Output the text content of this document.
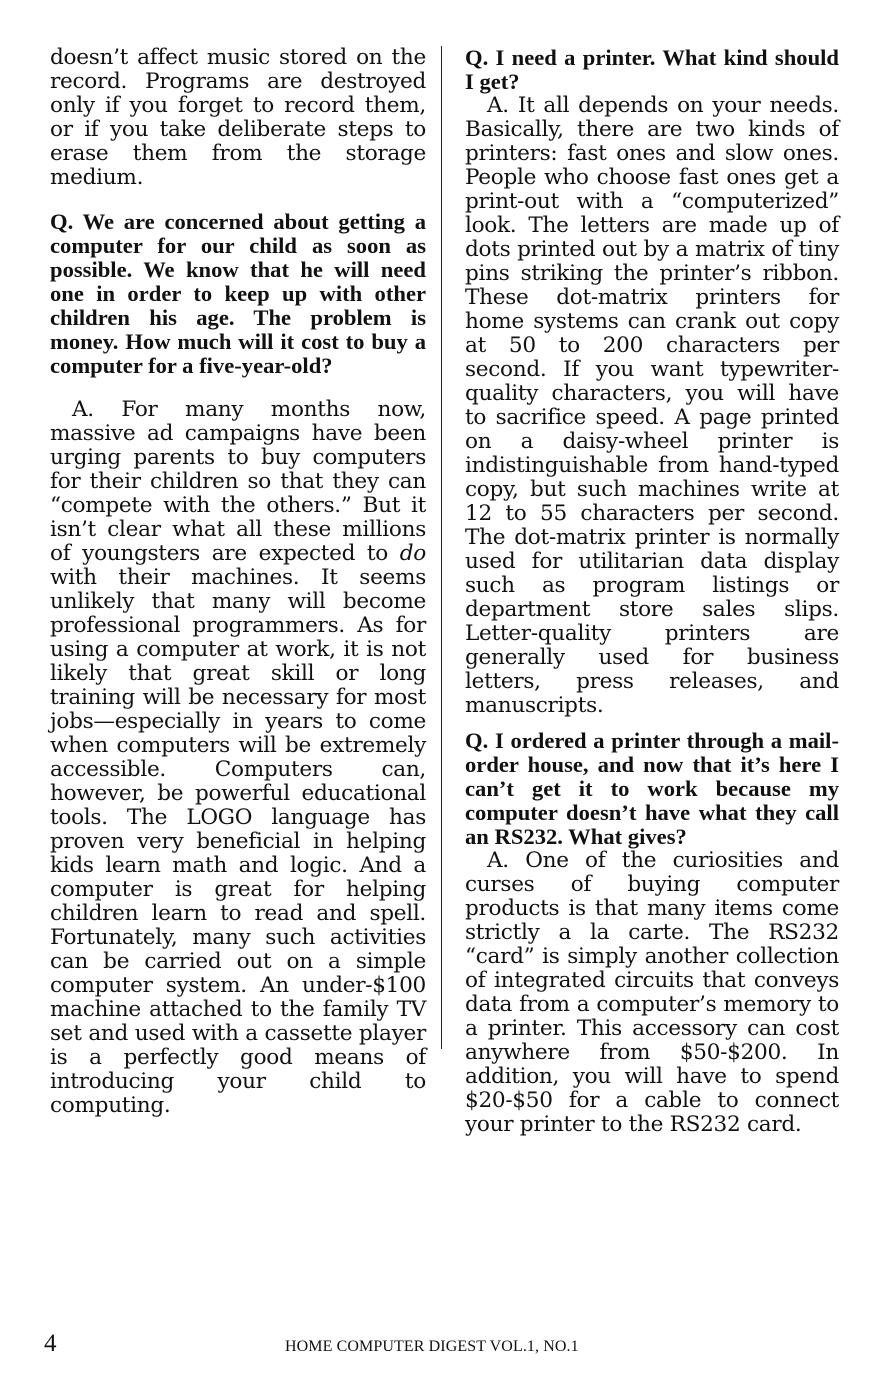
doesn’t affect music stored on the record. Programs are destroyed only if you forget to record them, or if you take deliberate steps to erase them from the storage medium.

Q. We are concerned about getting a computer for our child as soon as possible. We know that he will need one in order to keep up with other children his age. The problem is money. How much will it cost to buy a computer for a five-year-old?

A. For many months now, massive ad campaigns have been urging parents to buy computers for their children so that they can “compete with the others.” But it isn’t clear what all these millions of youngsters are expected to do with their machines. It seems unlikely that many will become professional programmers. As for using a computer at work, it is not likely that great skill or long training will be necessary for most jobs—especially in years to come when computers will be extremely accessible. Computers can, however, be powerful educational tools. The LOGO language has proven very beneficial in helping kids learn math and logic. And a computer is great for helping children learn to read and spell. Fortunately, many such activities can be carried out on a simple computer system. An under-$100 machine attached to the family TV set and used with a cassette player is a perfectly good means of introducing your child to computing.

Q. I need a printer. What kind should I get?

A. It all depends on your needs. Basically, there are two kinds of printers: fast ones and slow ones. People who choose fast ones get a print-out with a “computerized” look. The letters are made up of dots printed out by a matrix of tiny pins striking the printer’s ribbon. These dot-matrix printers for home systems can crank out copy at 50 to 200 characters per second. If you want typewriter-quality characters, you will have to sacrifice speed. A page printed on a daisy-wheel printer is indistinguishable from hand-typed copy, but such machines write at 12 to 55 characters per second. The dot-matrix printer is normally used for utilitarian data display such as program listings or department store sales slips. Letter-quality printers are generally used for business letters, press releases, and manuscripts.

Q. I ordered a printer through a mail-order house, and now that it’s here I can’t get it to work because my computer doesn’t have what they call an RS232. What gives?

A. One of the curiosities and curses of buying computer products is that many items come strictly a la carte. The RS232 “card” is simply another collection of integrated circuits that conveys data from a computer’s memory to a printer. This accessory can cost anywhere from $50-$200. In addition, you will have to spend $20-$50 for a cable to connect your printer to the RS232 card.

4	HOME COMPUTER DIGEST VOL.1, NO.1
